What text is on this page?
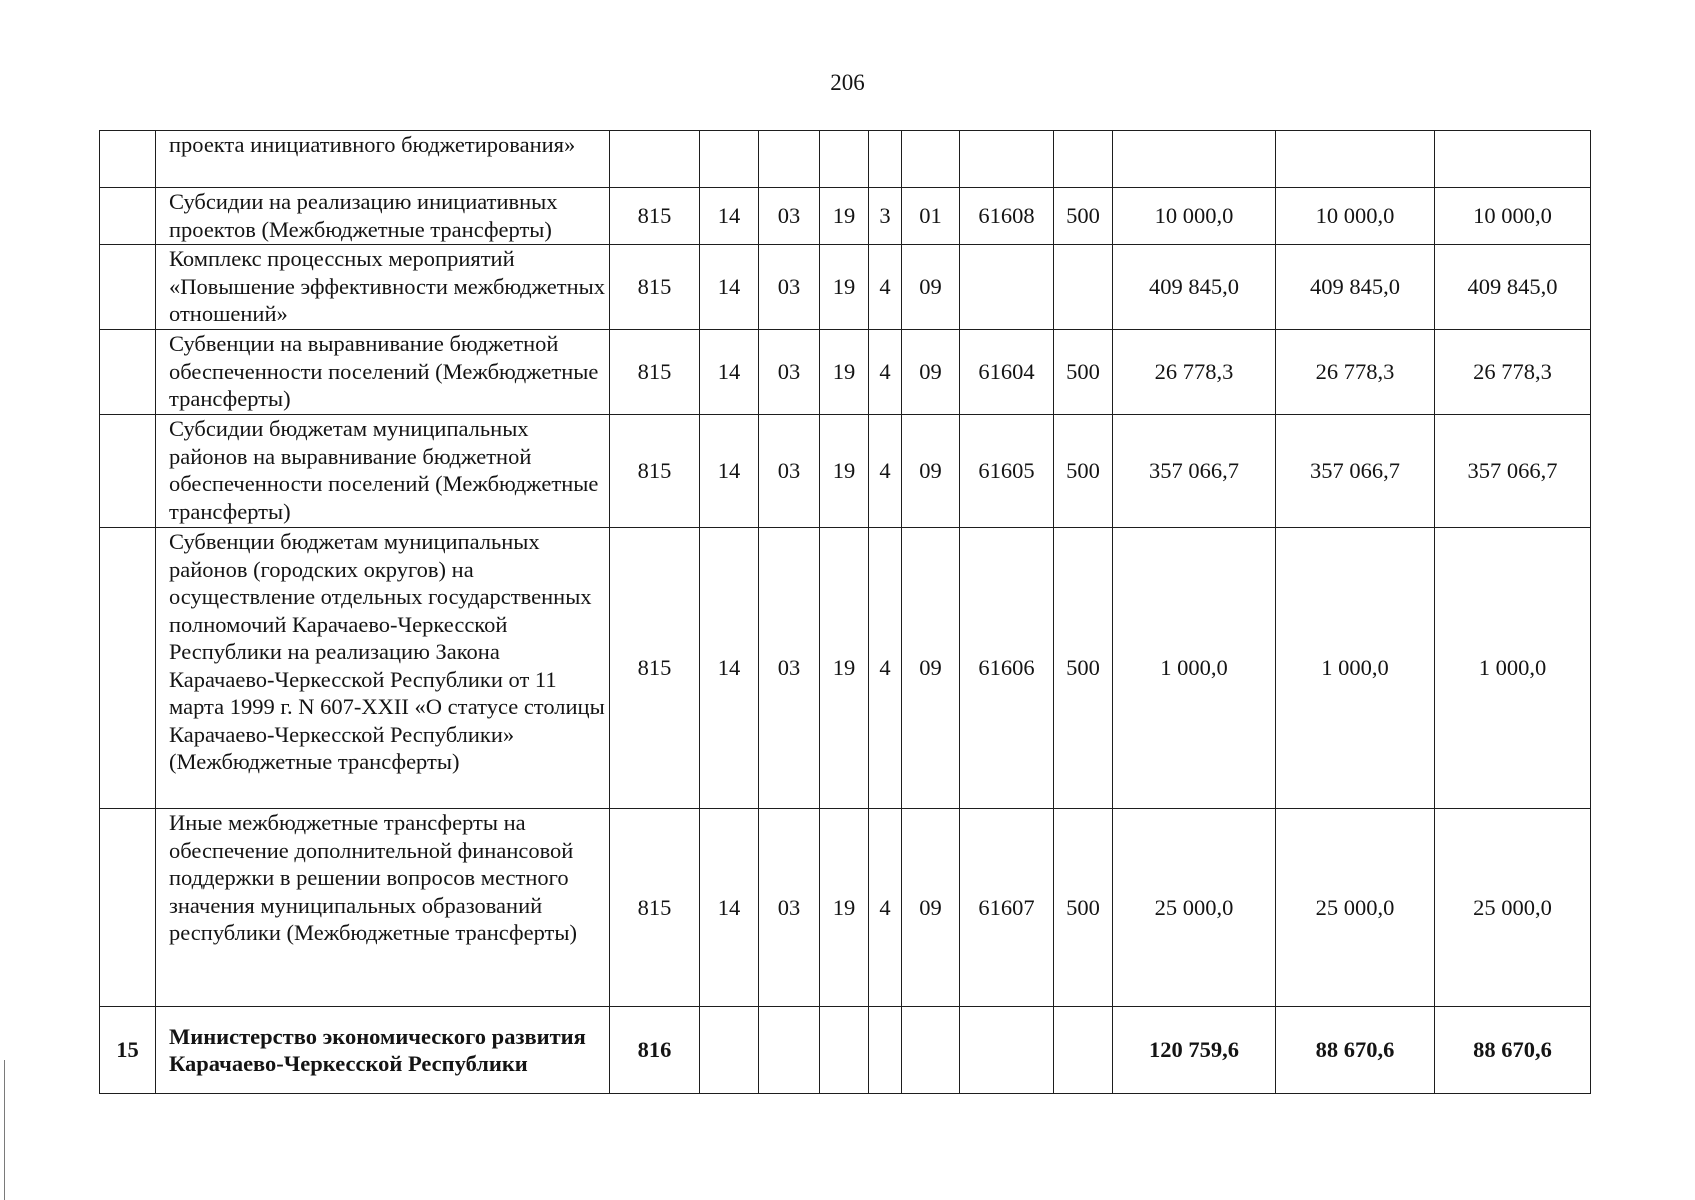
206
	проекта инициативного бюджетирования»											
	Субсидии на реализацию инициативных проектов (Межбюджетные трансферты)	815	14	03	19	3	01	61608	500	10 000,0	10 000,0	10 000,0
	Комплекс процессных мероприятий «Повышение эффективности межбюджетных отношений»	815	14	03	19	4	09			409 845,0	409 845,0	409 845,0
	Субвенции на выравнивание бюджетной обеспеченности поселений (Межбюджетные трансферты)	815	14	03	19	4	09	61604	500	26 778,3	26 778,3	26 778,3
	Субсидии бюджетам муниципальных районов на выравнивание бюджетной обеспеченности поселений (Межбюджетные трансферты)	815	14	03	19	4	09	61605	500	357 066,7	357 066,7	357 066,7
	Субвенции бюджетам муниципальных районов (городских округов) на осуществление отдельных государственных полномочий Карачаево-Черкесской Республики на реализацию Закона Карачаево-Черкесской Республики от 11 марта 1999 г. N 607-XXII «О статусе столицы Карачаево-Черкесской Республики» (Межбюджетные трансферты)	815	14	03	19	4	09	61606	500	1 000,0	1 000,0	1 000,0
	Иные межбюджетные трансферты на обеспечение дополнительной финансовой поддержки в решении вопросов местного значения муниципальных образований республики (Межбюджетные трансферты)	815	14	03	19	4	09	61607	500	25 000,0	25 000,0	25 000,0
15	Министерство экономического развития Карачаево-Черкесской Республики	816								120 759,6	88 670,6	88 670,6
